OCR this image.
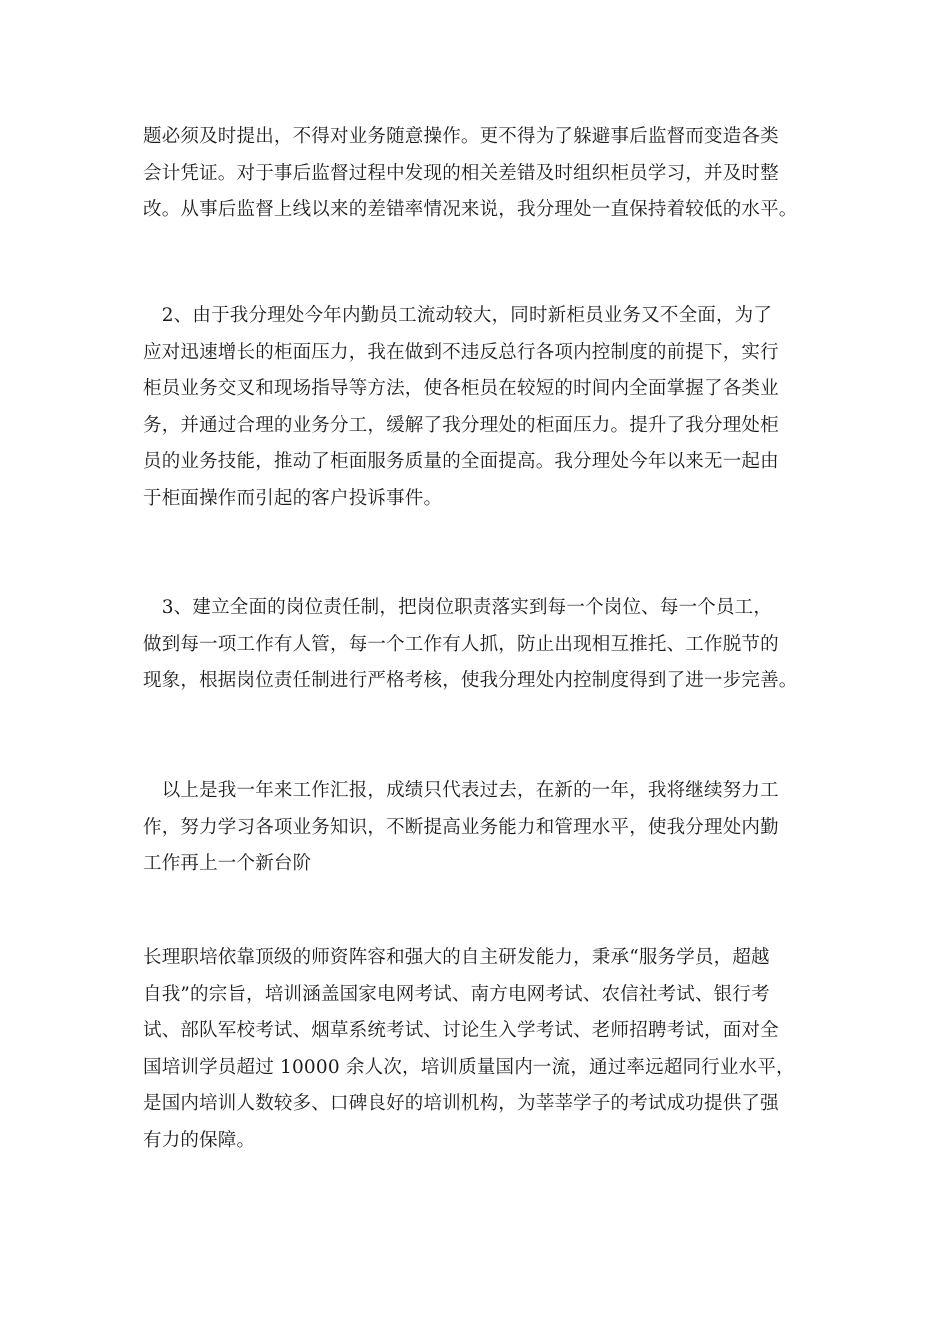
题必须及时提出，不得对业务随意操作。更不得为了躲避事后监督而变造各类
会计凭证。对于事后监督过程中发现的相关差错及时组织柜员学习，并及时整
改。从事后监督上线以来的差错率情况来说，我分理处一直保持着较低的水平。

　2、由于我分理处今年内勤员工流动较大，同时新柜员业务又不全面，为了
应对迅速增长的柜面压力，我在做到不违反总行各项内控制度的前提下，实行
柜员业务交叉和现场指导等方法，使各柜员在较短的时间内全面掌握了各类业
务，并通过合理的业务分工，缓解了我分理处的柜面压力。提升了我分理处柜
员的业务技能，推动了柜面服务质量的全面提高。我分理处今年以来无一起由
于柜面操作而引起的客户投诉事件。

　3、建立全面的岗位责任制，把岗位职责落实到每一个岗位、每一个员工，
做到每一项工作有人管，每一个工作有人抓，防止出现相互推托、工作脱节的
现象，根据岗位责任制进行严格考核，使我分理处内控制度得到了进一步完善。

　以上是我一年来工作汇报，成绩只代表过去，在新的一年，我将继续努力工
作，努力学习各项业务知识，不断提高业务能力和管理水平，使我分理处内勤
工作再上一个新台阶

长理职培依靠顶级的师资阵容和强大的自主研发能力，秉承“服务学员，超越
自我”的宗旨，培训涵盖国家电网考试、南方电网考试、农信社考试、银行考
试、部队军校考试、烟草系统考试、讨论生入学考试、老师招聘考试，面对全
国培训学员超过 10000 余人次，培训质量国内一流，通过率远超同行业水平，
是国内培训人数较多、口碑良好的培训机构，为莘莘学子的考试成功提供了强
有力的保障。
